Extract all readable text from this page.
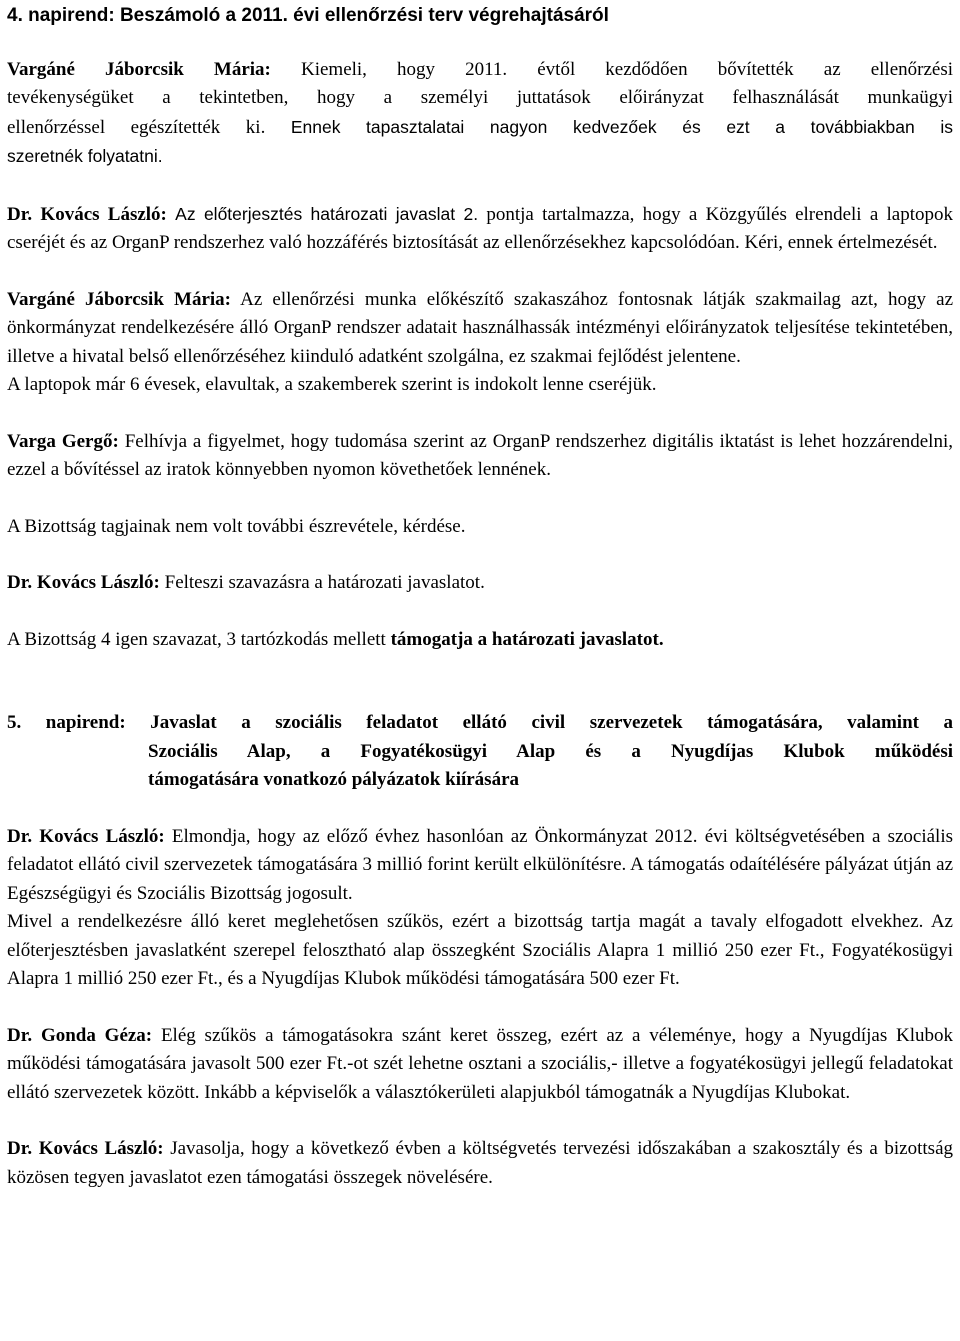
4. napirend: Beszámoló a 2011. évi ellenőrzési terv végrehajtásáról

Vargáné Jáborcsik Mária: Kiemeli, hogy 2011. évtől kezdődően bővítették az ellenőrzési

tevékenységüket a tekintetben, hogy a személyi juttatások előirányzat felhasználását munkaügyi

ellenőrzéssel egészítették ki. Ennek tapasztalatai nagyon kedvezőek és ezt a továbbiakban is

szeretnék folyatatni.

Dr. Kovács László: Az előterjesztés határozati javaslat 2. pontja tartalmazza, hogy a Közgyűlés elrendeli a laptopok cseréjét és az OrganP rendszerhez való hozzáférés biztosítását az ellenőrzésekhez kapcsolódóan. Kéri, ennek értelmezését.

Vargáné Jáborcsik Mária: Az ellenőrzési munka előkészítő szakaszához fontosnak látják szakmailag azt, hogy az önkormányzat rendelkezésére álló OrganP rendszer adatait használhassák intézményi előirányzatok teljesítése tekintetében, illetve a hivatal belső ellenőrzéséhez kiinduló adatként szolgálna, ez szakmai fejlődést jelentene.

A laptopok már 6 évesek, elavultak, a szakemberek szerint is indokolt lenne cseréjük.

Varga Gergő: Felhívja a figyelmet, hogy tudomása szerint az OrganP rendszerhez digitális iktatást is lehet hozzárendelni, ezzel a bővítéssel az iratok könnyebben nyomon követhetőek lennének.

A Bizottság tagjainak nem volt további észrevétele, kérdése.

Dr. Kovács László: Felteszi szavazásra a határozati javaslatot.

A Bizottság 4 igen szavazat, 3 tartózkodás mellett támogatja a határozati javaslatot.

5. napirend: Javaslat a szociális feladatot ellátó civil szervezetek támogatására, valamint a
Szociális Alap, a Fogyatékosügyi Alap és a Nyugdíjas Klubok működési
támogatására vonatkozó pályázatok kiírására

Dr. Kovács László: Elmondja, hogy az előző évhez hasonlóan az Önkormányzat 2012. évi költségvetésében a szociális feladatot ellátó civil szervezetek támogatására 3 millió forint került elkülönítésre. A támogatás odaítélésére pályázat útján az Egészségügyi és Szociális Bizottság jogosult.

Mivel a rendelkezésre álló keret meglehetősen szűkös, ezért a bizottság tartja magát a tavaly elfogadott elvekhez. Az előterjesztésben javaslatként szerepel felosztható alap összegként Szociális Alapra 1 millió 250 ezer Ft., Fogyatékosügyi Alapra 1 millió 250 ezer Ft., és a Nyugdíjas Klubok működési támogatására 500 ezer Ft.

Dr. Gonda Géza: Elég szűkös a támogatásokra szánt keret összeg, ezért az a véleménye, hogy a Nyugdíjas Klubok működési támogatására javasolt 500 ezer Ft.-ot szét lehetne osztani a szociális,- illetve a fogyatékosügyi jellegű feladatokat ellátó szervezetek között. Inkább a képviselők a választókerületi alapjukból támogatnák a Nyugdíjas Klubokat.

Dr. Kovács László: Javasolja, hogy a következő évben a költségvetés tervezési időszakában a szakosztály és a bizottság közösen tegyen javaslatot ezen támogatási összegek növelésére.
